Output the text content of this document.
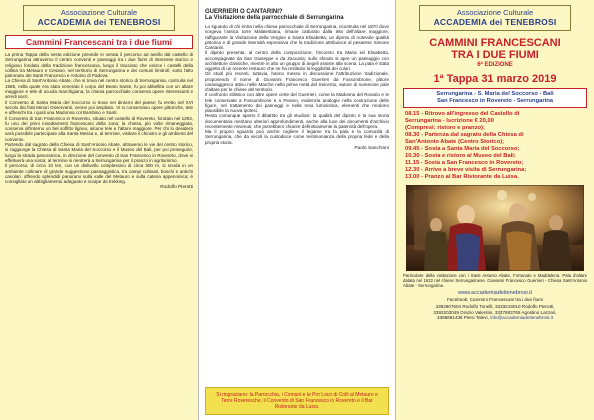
Associazione Culturale
ACCADEMIA dei TENEBROSI
Cammini Francescani tra i due fiumi

La prima Tappa della sesta edizione prevede in serata il percorso ad anello dal castello di Serrungarina attraverso il centro conventi e paesaggi tra i due fiumi di interesse storico e religioso fondato della tradizione francescana, lungo il tracciato che unisce i castelli della collina tra Metauro e Cesano, nel territorio di Serrungarina e dei comuni limitrofi, sotto l'alto patronato dei Santi Francesco e Antonio di Padova.

La Chiesa di Sant'Antonio Abate, che si trova nel centro storico di Serrungarina, costruita nel 1585, nella quale era stato venerato il corpo del Beato Sante, fu poi abbellita con un altare maggiore e tele di scuola marchigiana; la chiesa parrocchiale conserva opere interessanti e arredi sacri.

Il Convento di Santa Maria del Soccorso si trova nei dintorni del paese; fu eretto nel XVI secolo dai frati Minori Osservanti, venne poi ampliato. Vi si conservano opere pittoriche, tele e affreschi tra i quali una Madonna col Bambino e Santi.

Il Convento di San Francesco in Rovereto, situato nel castello di Rovereto, fondato nel 1293, fu uno dei primi insediamenti francescani della zona; la chiesa, più volte rimaneggiata, conserva all'interno un bel soffitto ligneo, alcune tele e l'altare maggiore. Per chi lo desidera sarà possibile partecipare alla Santa Messa e, al termine, visitare il chiostro e gli ambienti del convento.

Partendo dal sagrato della Chiesa di Sant'Antonio Abate, attraverso le vie del centro storico, si raggiunge la Chiesa di Santa Maria del Soccorso e il Museo del Bali, per poi proseguire, lungo la strada panoramica, in direzione del convento di San Francesco in Rovereto, dove si effettuerà una sosta; al termine si rientrerà a Serrungarina per il pranzo in agriturismo.

Il percorso, di circa 10 km, con un dislivello complessivo di circa 300 m, si snoda in un ambiente collinare di grande suggestione paesaggistica, tra campi coltivati, boschi e antichi casolari, offrendo splendidi panorami sulla valle del Metauro e sulla catena appenninica; è consigliato un abbigliamento adeguato e scarpe da trekking.

Rodolfo Pierotti
GUERRIERI O CANTARINI?
La Visitazione della parrocchiale di Serrungarina

Lo sguardo di chi entra nella chiesa parrocchiale di Serrungarina, ricostruita nel 1870 dove sorgeva l'antica torre Malatestiana, rimane catturato dalla tela dell'altare maggiore, raffigurante la Visitazione della Vergine a Santa Elisabetta, un dipinto di notevole qualità pittorica e di grande intensità espressiva che la tradizione attribuisce al pesarese Simone Cantarini.

Il dipinto presenta, al centro della composizione, l'incontro tra Maria ed Elisabetta, accompagnate da San Giuseppe e da Zaccaria; sullo sfondo si apre un paesaggio con architetture classiche, mentre in alto un gruppo di angeli assiste alla scena. La pala è stata oggetto di un recente restauro che ne ha restituito la leggibilità dei colori.

Gli studi più recenti, tuttavia, hanno messo in discussione l'attribuzione tradizionale, proponendo il nome di Giovanni Francesco Guerrieri da Fossombrone, pittore caravaggesco attivo nelle Marche nella prima metà del Seicento, autore di numerose pale d'altare per le chiese del territorio.

Il confronto stilistico con altre opere certe del Guerrieri, come la Madonna del Rosario e le tele conservate a Fossombrone e a Pesaro, evidenzia analogie nella costruzione delle figure, nel trattamento dei panneggi e nella resa luministica, elementi che rendono plausibile la nuova ipotesi.

Resta comunque aperto il dibattito tra gli studiosi: la qualità del dipinto e la sua storia documentaria meritano ulteriori approfondimenti, anche alla luce dei documenti d'archivio recentemente rinvenuti, che potrebbero chiarire definitivamente la paternità dell'opera.

Ma il proprio sguardo può anche cogliere il legame tra la pala e la comunità di Serrungarina, che da secoli la custodisce come testimonianza della propria fede e della propria storia.

Paolo Sanchioni
Si ringraziano: la Parrocchia, i Comuni e le Pro Loco di Colli al Metauro e Terre Roveresche, il Convento di San Francesco in Rovereto e il Bar Ristorante da Luisa.
Associazione Culturale
ACCADEMIA dei TENEBROSI
CAMMINI FRANCESCANI
TRA I DUE FIUMI
6ª EDIZIONE
1ª Tappa 31 marzo 2019
Serrungarina - S. Maria del Soccorso - Bali
San Francesco in Rovereto - Serrungarina
08.15 - Ritrovo all'ingresso del Castello di
Serrungarina - Iscrizione € 20,00
(Compresi: ristoro e pranzo);
08.30 - Partenza dal sagrato della Chiesa di
San'Antonio Abate (Centro Storico);
09.45 - Sosta a Santa Maria del Soccorso;
10.30 - Sosta e ristoro al Museo del Bali;
11.15 - Sosta a San Francesco in Rovereto;
12.30 - Arrivo a breve visita di Serrungarina;
13.00 - Pranzo al Bar Ristorante da Luisa.

Particolare della visitazione con i Santi Antonio Abate, Fortunato e Maddalena. Pala d'altare datata nel 1622 nel chiese Serrungarinese. Giovanni Francesco Guerrieri - Chiesa Sant'Antonio Abate - Serrungarina.

www.accademiadeitenebrosi.it
Facebook: Cammini Francescani tra i due fiumi
3392907604 Rodolfo Tonelli, 3333219010 Rodolfo Pierotti,
3393202049 Orazio Valentini, 3337883765 Agostino Lazzari,
3388691436 Piero Talevi, info@accademiadeitenebrosi.it
